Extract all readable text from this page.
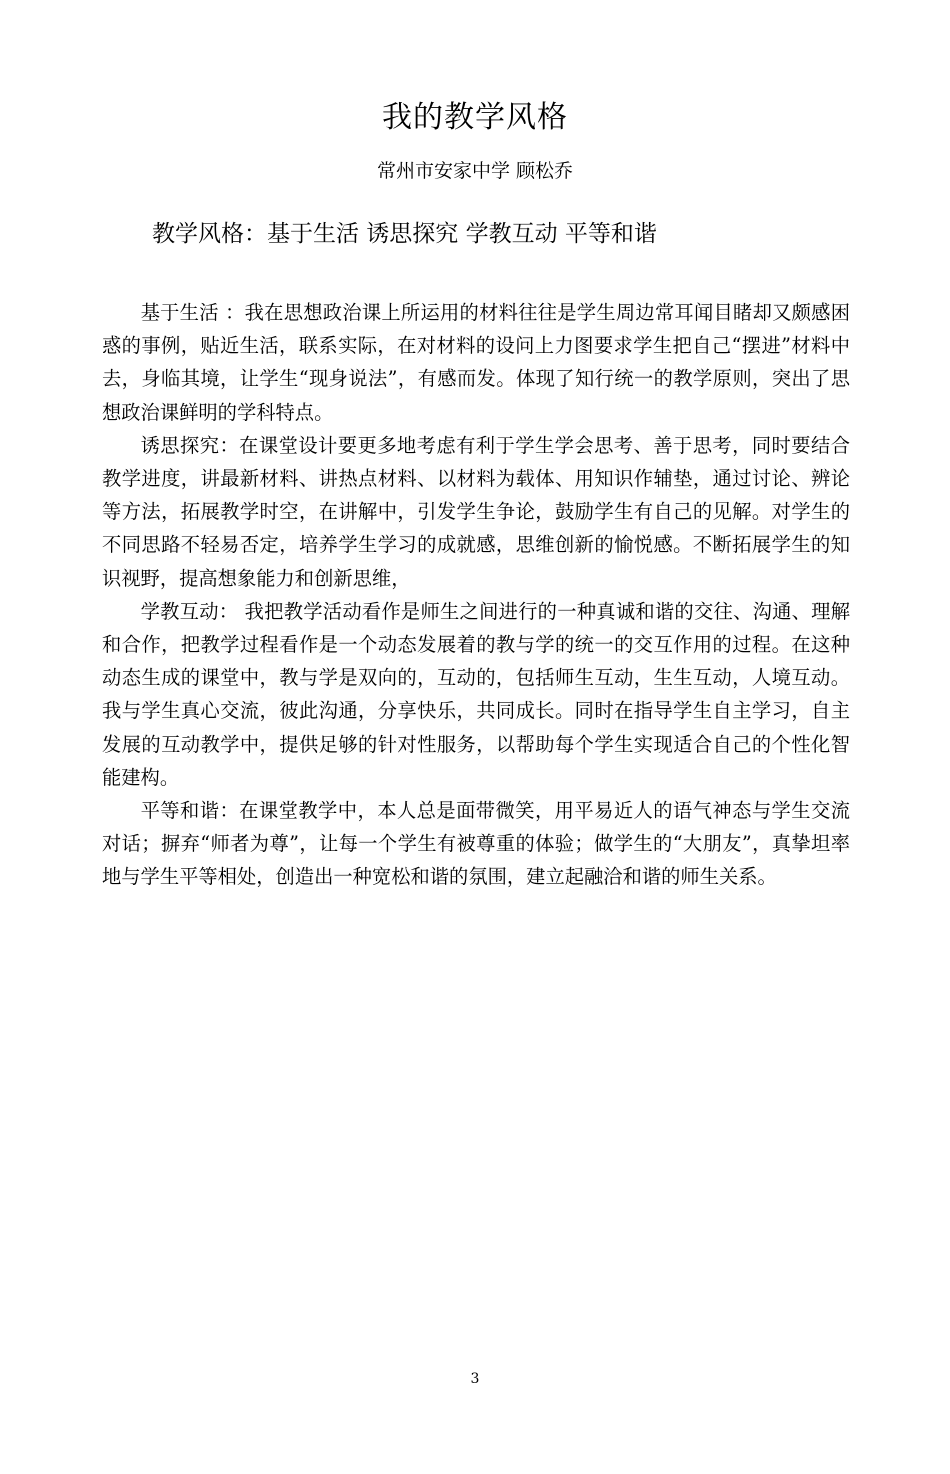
我的教学风格
常州市安家中学 顾松乔
教学风格：基于生活 诱思探究 学教互动 平等和谐

基于生活 ：我在思想政治课上所运用的材料往往是学生周边常耳闻目睹却又颇感困惑的事例，贴近生活，联系实际，在对材料的设问上力图要求学生把自己“摆进”材料中去，身临其境，让学生“现身说法”，有感而发。体现了知行统一的教学原则，突出了思想政治课鲜明的学科特点。

诱思探究：在课堂设计要更多地考虑有利于学生学会思考、善于思考，同时要结合教学进度，讲最新材料、讲热点材料、以材料为载体、用知识作辅垫，通过讨论、辨论等方法，拓展教学时空，在讲解中，引发学生争论，鼓励学生有自己的见解。对学生的不同思路不轻易否定，培养学生学习的成就感，思维创新的愉悦感。不断拓展学生的知识视野，提高想象能力和创新思维，

学教互动： 我把教学活动看作是师生之间进行的一种真诚和谐的交往、沟通、理解和合作，把教学过程看作是一个动态发展着的教与学的统一的交互作用的过程。在这种动态生成的课堂中，教与学是双向的，互动的，包括师生互动，生生互动，人境互动。我与学生真心交流，彼此沟通，分享快乐，共同成长。同时在指导学生自主学习，自主发展的互动教学中，提供足够的针对性服务，以帮助每个学生实现适合自己的个性化智能建构。

平等和谐：在课堂教学中，本人总是面带微笑，用平易近人的语气神态与学生交流对话；摒弃“师者为尊”，让每一个学生有被尊重的体验；做学生的“大朋友”，真挚坦率地与学生平等相处，创造出一种宽松和谐的氛围，建立起融洽和谐的师生关系。

3
